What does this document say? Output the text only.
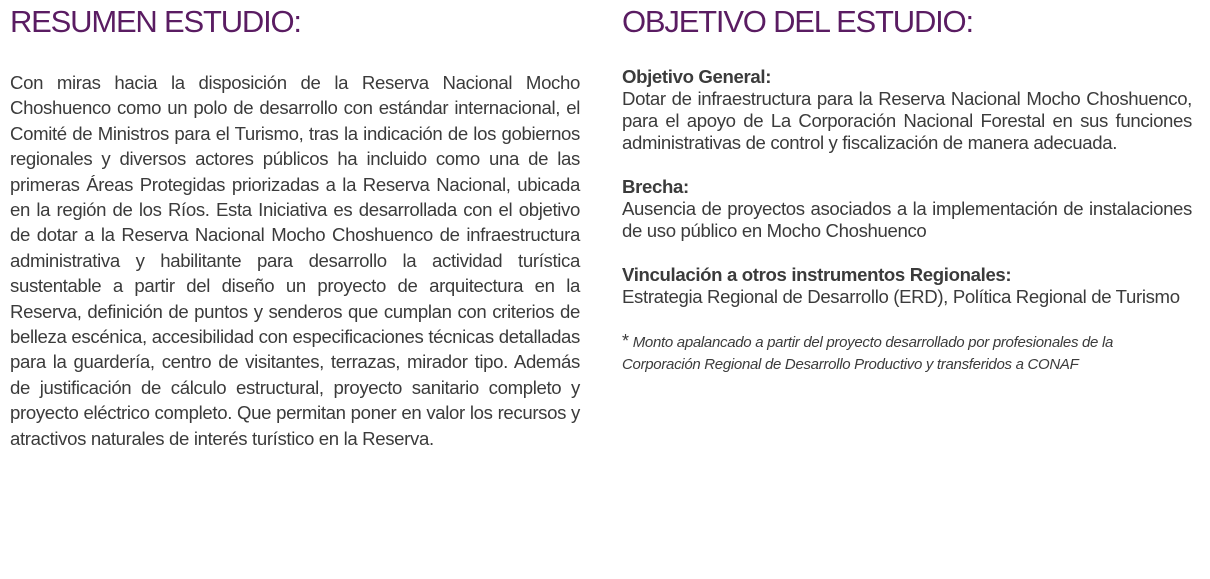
RESUMEN ESTUDIO:

Con miras hacia la disposición de la Reserva Nacional Mocho Choshuenco como un polo de desarrollo con estándar internacional, el Comité de Ministros para el Turismo, tras la indicación de los gobiernos regionales y diversos actores públicos ha incluido como una de las primeras Áreas Protegidas priorizadas a la Reserva Nacional, ubicada en la región de los Ríos. Esta Iniciativa es desarrollada con el objetivo de dotar a la Reserva Nacional Mocho Choshuenco de infraestructura administrativa y habilitante para desarrollo la actividad turística sustentable a partir del diseño un proyecto de arquitectura en la Reserva, definición de puntos y senderos que cumplan con criterios de belleza escénica, accesibilidad con especificaciones técnicas detalladas para la guardería, centro de visitantes, terrazas, mirador tipo. Además de justificación de cálculo estructural, proyecto sanitario completo y proyecto eléctrico completo. Que permitan poner en valor los recursos y atractivos naturales de interés turístico en la Reserva.

OBJETIVO DEL ESTUDIO:

Objetivo General:
Dotar de infraestructura para la Reserva Nacional Mocho Choshuenco, para el apoyo de La Corporación Nacional Forestal en sus funciones administrativas de control y fiscalización de manera adecuada.

Brecha:
Ausencia de proyectos asociados a la implementación de instalaciones de uso público en Mocho Choshuenco

Vinculación a otros instrumentos Regionales:
Estrategia Regional de Desarrollo (ERD), Política Regional de Turismo

* Monto apalancado a partir del proyecto desarrollado por profesionales de la Corporación Regional de Desarrollo Productivo y transferidos a CONAF
